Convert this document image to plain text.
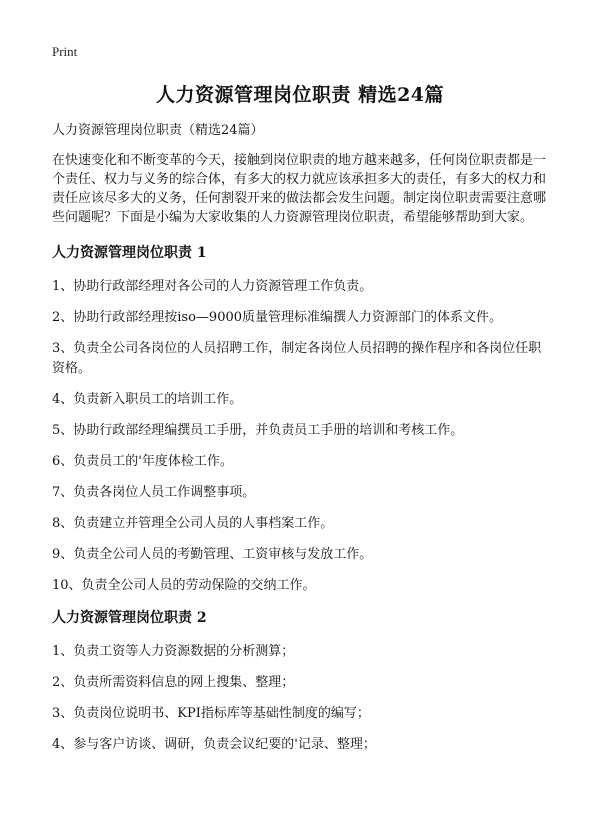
Print
人力资源管理岗位职责 精选24篇

人力资源管理岗位职责（精选24篇）

在快速变化和不断变革的今天，接触到岗位职责的地方越来越多，任何岗位职责都是一个责任、权力与义务的综合体，有多大的权力就应该承担多大的责任，有多大的权力和责任应该尽多大的义务，任何割裂开来的做法都会发生问题。制定岗位职责需要注意哪些问题呢？下面是小编为大家收集的人力资源管理岗位职责，希望能够帮助到大家。

人力资源管理岗位职责 1

1、协助行政部经理对各公司的人力资源管理工作负责。
2、协助行政部经理按iso—9000质量管理标准编撰人力资源部门的体系文件。
3、负责全公司各岗位的人员招聘工作，制定各岗位人员招聘的操作程序和各岗位任职资格。
4、负责新入职员工的培训工作。
5、协助行政部经理编撰员工手册，并负责员工手册的培训和考核工作。
6、负责员工的'年度体检工作。
7、负责各岗位人员工作调整事项。
8、负责建立并管理全公司人员的人事档案工作。
9、负责全公司人员的考勤管理、工资审核与发放工作。
10、负责全公司人员的劳动保险的交纳工作。

人力资源管理岗位职责 2

1、负责工资等人力资源数据的分析测算；
2、负责所需资料信息的网上搜集、整理；
3、负责岗位说明书、KPI指标库等基础性制度的编写；
4、参与客户访谈、调研，负责会议纪要的'记录、整理；
